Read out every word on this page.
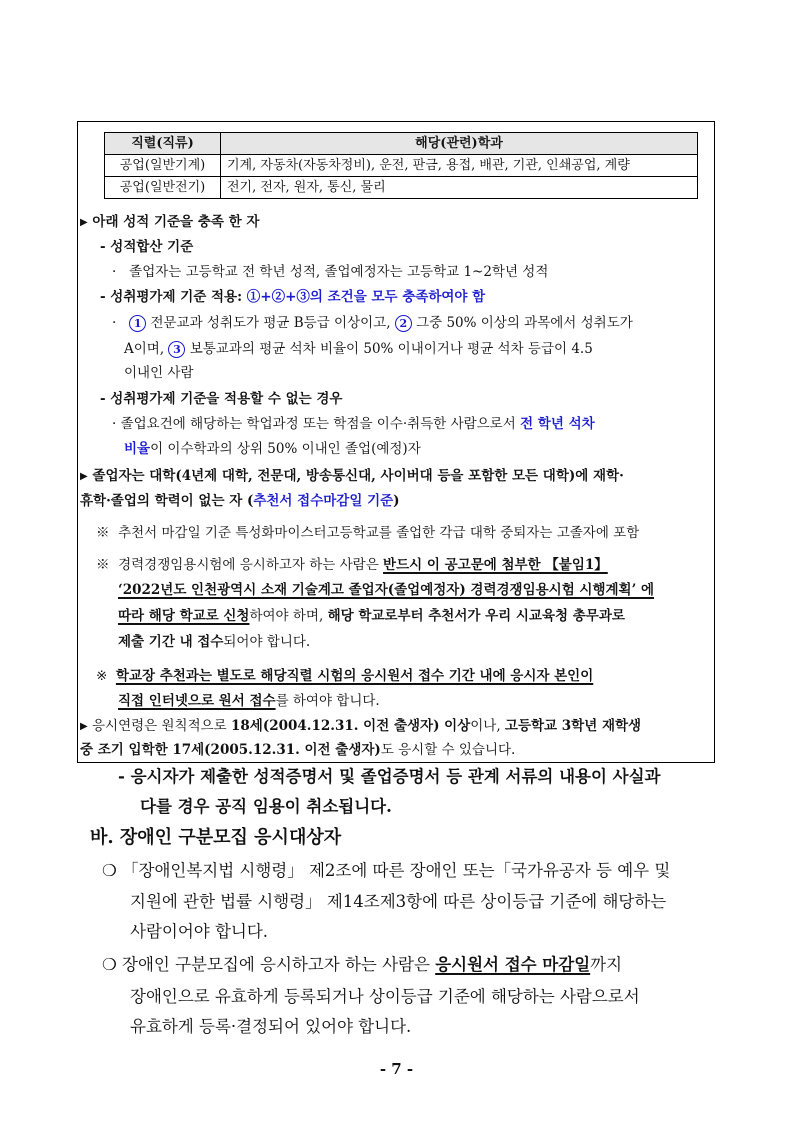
직렬(직류)	해당(관련)학과
공업(일반기계)	기계, 자동차(자동차정비), 운전, 판금, 용접, 배관, 기관, 인쇄공업, 계량
공업(일반전기)	전기, 전자, 원자, 통신, 물리
▶ 아래 성적 기준을 충족 한 자
- 성적합산 기준
· 졸업자는 고등학교 전 학년 성적, 졸업예정자는 고등학교 1~2학년 성적
- 성취평가제 기준 적용: ①+②+③의 조건을 모두 충족하여야 함
· 1 전문교과 성취도가 평균 B등급 이상이고, 2 그중 50% 이상의 과목에서 성취도가
A이며, 3 보통교과의 평균 석차 비율이 50% 이내이거나 평균 석차 등급이 4.5
이내인 사람
- 성취평가제 기준을 적용할 수 없는 경우
· 졸업요건에 해당하는 학업과정 또는 학점을 이수·취득한 사람으로서 전 학년 석차
비율이 이수학과의 상위 50% 이내인 졸업(예정)자
▶ 졸업자는 대학(4년제 대학, 전문대, 방송통신대, 사이버대 등을 포함한 모든 대학)에 재학·
휴학·졸업의 학력이 없는 자 (추천서 접수마감일 기준)
※ 추천서 마감일 기준 특성화마이스터고등학교를 졸업한 각급 대학 중퇴자는 고졸자에 포함
※ 경력경쟁임용시험에 응시하고자 하는 사람은 반드시 이 공고문에 첨부한 【붙임1】
‘2022년도 인천광역시 소재 기술계고 졸업자(졸업예정자) 경력경쟁임용시험 시행계획’ 에
따라 해당 학교로 신청하여야 하며, 해당 학교로부터 추천서가 우리 시교육청 총무과로
제출 기간 내 접수되어야 합니다.
※ 학교장 추천과는 별도로 해당직렬 시험의 응시원서 접수 기간 내에 응시자 본인이
직접 인터넷으로 원서 접수를 하여야 합니다.
▶ 응시연령은 원칙적으로 18세(2004.12.31. 이전 출생자) 이상이나, 고등학교 3학년 재학생
중 조기 입학한 17세(2005.12.31. 이전 출생자)도 응시할 수 있습니다.
- 응시자가 제출한 성적증명서 및 졸업증명서 등 관계 서류의 내용이 사실과
다를 경우 공직 임용이 취소됩니다.
바. 장애인 구분모집 응시대상자
❍ 「장애인복지법 시행령」 제2조에 따른 장애인 또는「국가유공자 등 예우 및
지원에 관한 법률 시행령」 제14조제3항에 따른 상이등급 기준에 해당하는
사람이어야 합니다.
❍ 장애인 구분모집에 응시하고자 하는 사람은 응시원서 접수 마감일까지
장애인으로 유효하게 등록되거나 상이등급 기준에 해당하는 사람으로서
유효하게 등록·결정되어 있어야 합니다.
- 7 -
